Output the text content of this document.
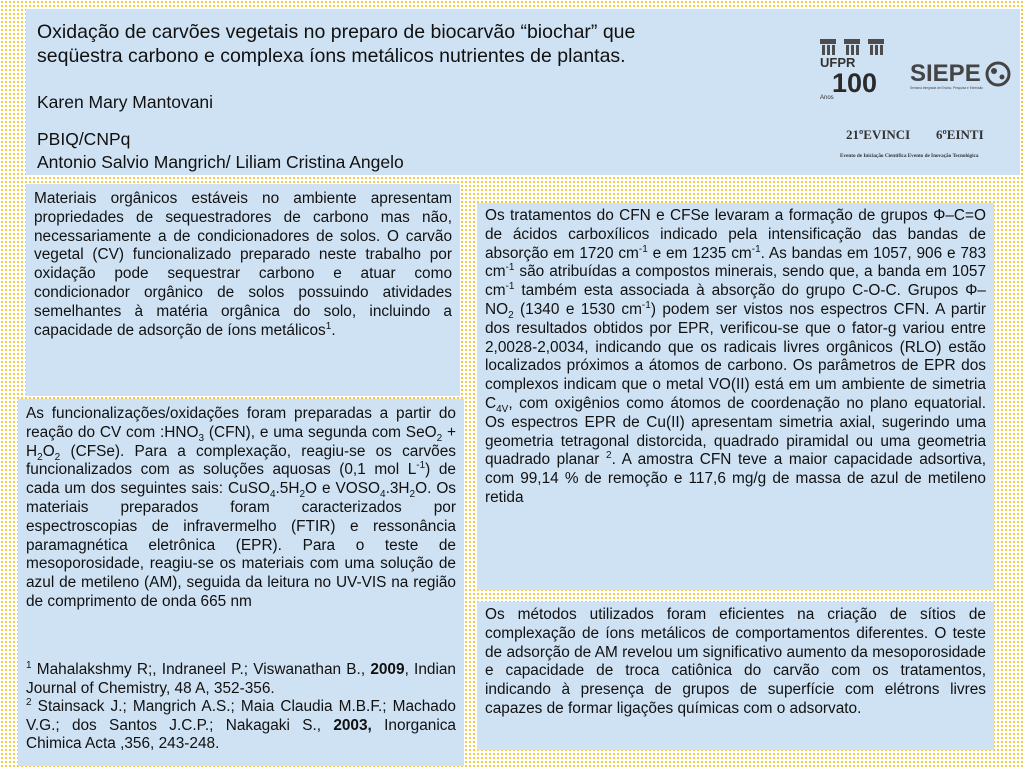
Oxidação de carvões vegetais no preparo de biocarvão “biochar” que
seqüestra carbono e complexa íons metálicos nutrientes de plantas.
Karen Mary Mantovani
PBIQ/CNPq
Antonio Salvio Mangrich/ Liliam Cristina Angelo
UFPR
100
Anos
SIEPE
Semana Integrada de Ensino, Pesquisa e Extensão
21ºEVINCI 6ºEINTI
Evento de Iniciação Científica Evento de Inovação Tecnológica

Materiais orgânicos estáveis no ambiente apresentam propriedades de sequestradores de carbono mas não, necessariamente a de condicionadores de solos. O carvão vegetal (CV) funcionalizado preparado neste trabalho por oxidação pode sequestrar carbono e atuar como condicionador orgânico de solos possuindo atividades semelhantes à matéria orgânica do solo, incluindo a capacidade de adsorção de íons metálicos$^1$.

As funcionalizações/oxidações foram preparadas a partir do reação do CV com $:HNO_3$ (CFN), e uma segunda com $SeO_2 + H_2O_2$ (CFSe). Para a complexação, reagiu-se os carvões funcionalizados com as soluções aquosas (0,1 mol $L^{-1}$) de cada um dos seguintes sais: $CuSO_4.5H_2O$ e $VOSO_4.3H_2O$. Os materiais preparados foram caracterizados por espectroscopias de infravermelho (FTIR) e ressonância paramagnética eletrônica (EPR). Para o teste de mesoporosidade, reagiu-se os materiais com uma solução de azul de metileno (AM), seguida da leitura no UV-VIS na região de comprimento de onda 665 nm

$^1$ Mahalakshmy R;, Indraneel P.; Viswanathan B., 2009, Indian Journal of Chemistry, 48 A, 352-356.

$^2$ Stainsack J.; Mangrich A.S.; Maia Claudia M.B.F.; Machado V.G.; dos Santos J.C.P.; Nakagaki S., 2003, Inorganica Chimica Acta ,356, 243-248.

Os tratamentos do CFN e CFSe levaram a formação de grupos Φ–C=O de ácidos carboxílicos indicado pela intensificação das bandas de absorção em 1720 $cm^{-1}$ e em 1235 $cm^{-1}$. As bandas em 1057, 906 e 783 $cm^{-1}$ são atribuídas a compostos minerais, sendo que, a banda em 1057 $cm^{-1}$ também esta associada à absorção do grupo C-O-C. Grupos $\Phi-NO_2$ (1340 e 1530 $cm^{-1}$) podem ser vistos nos espectros CFN. A partir dos resultados obtidos por EPR, verificou-se que o fator-g variou entre 2,0028-2,0034, indicando que os radicais livres orgânicos (RLO) estão localizados próximos a átomos de carbono. Os parâmetros de EPR dos complexos indicam que o metal VO(II) está em um ambiente de simetria $C_{4V}$, com oxigênios como átomos de coordenação no plano equatorial. Os espectros EPR de Cu(II) apresentam simetria axial, sugerindo uma geometria tetragonal distorcida, quadrado piramidal ou uma geometria quadrado planar $^2$. A amostra CFN teve a maior capacidade adsortiva, com 99,14 % de remoção e 117,6 mg/g de massa de azul de metileno retida

Os métodos utilizados foram eficientes na criação de sítios de complexação de íons metálicos de comportamentos diferentes. O teste de adsorção de AM revelou um significativo aumento da mesoporosidade e capacidade de troca catiônica do carvão com os tratamentos, indicando à presença de grupos de superfície com elétrons livres capazes de formar ligações químicas com o adsorvato.
